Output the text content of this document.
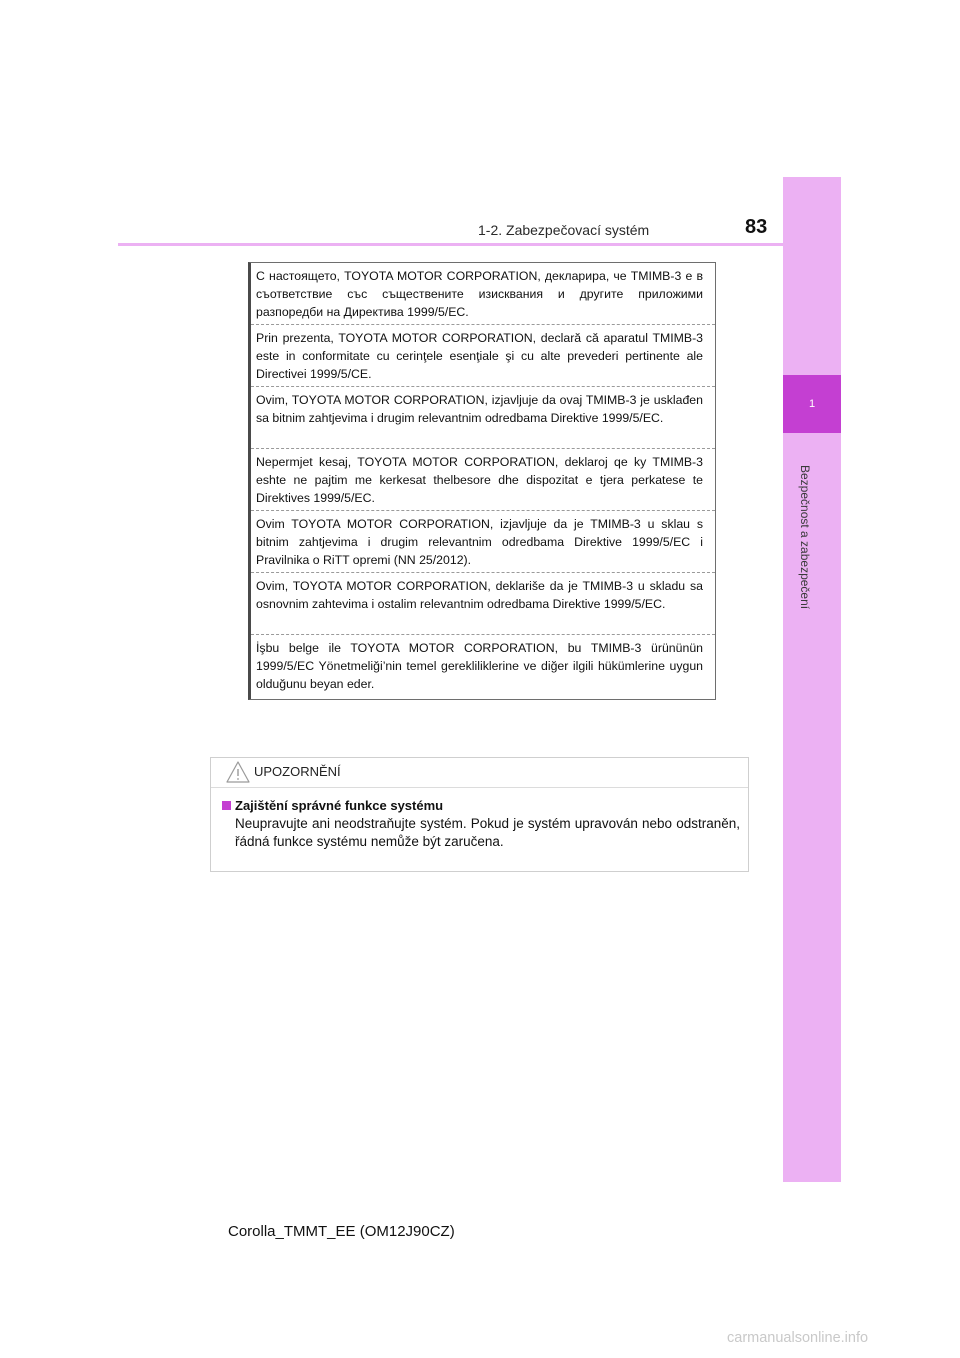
1
Bezpečnost a zabezpečení
1-2. Zabezpečovací systém	83
С настоящето, TOYOTA MOTOR CORPORATION, декларира, че TMIMB-3 е в съответствие със съществените изисквания и другите приложими разпоредби на Директива 1999/5/EC.
Prin prezenta, TOYOTA MOTOR CORPORATION, declară că aparatul TMIMB-3 este in conformitate cu cerinţele esenţiale şi cu alte prevederi pertinente ale Directivei 1999/5/CE.
Ovim, TOYOTA MOTOR CORPORATION, izjavljuje da ovaj TMIMB-3 je usklađen sa bitnim zahtjevima i drugim relevantnim odredbama Direktive 1999/5/EC.
Nepermjet kesaj, TOYOTA MOTOR CORPORATION, deklaroj qe ky TMIMB-3 eshte ne pajtim me kerkesat thelbesore dhe dispozitat e tjera perkatese te Direktives 1999/5/EC.
Ovim TOYOTA MOTOR CORPORATION, izjavljuje da je TMIMB-3 u sklau s bitnim zahtjevima i drugim relevantnim odredbama Direktive 1999/5/EC i Pravilnika o RiTT opremi (NN 25/2012).
Ovim, TOYOTA MOTOR CORPORATION, deklariše da je TMIMB-3 u skladu sa osnovnim zahtevima i ostalim relevantnim odredbama Direktive 1999/5/EC.
İşbu belge ile TOYOTA MOTOR CORPORATION, bu TMIMB-3 ürününün 1999/5/EC Yönetmeliği’nin temel gerekliliklerine ve diğer ilgili hükümlerine uygun olduğunu beyan eder.
UPOZORNĚNÍ
Zajištění správné funkce systému
Neupravujte ani neodstraňujte systém. Pokud je systém upravován nebo odstraněn, řádná funkce systému nemůže být zaručena.
Corolla_TMMT_EE (OM12J90CZ)
carmanualsonline.info
